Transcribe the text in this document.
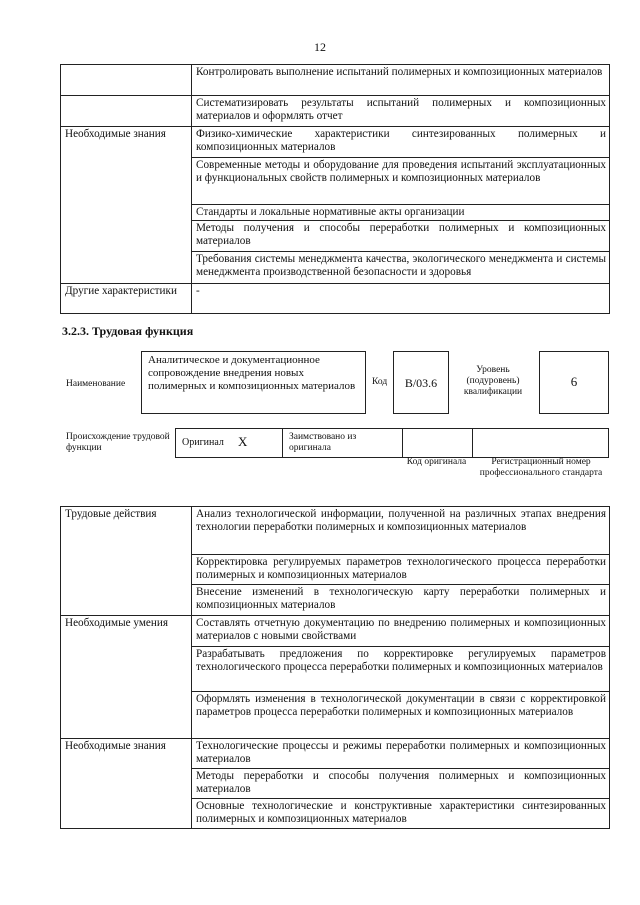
12
	Контролировать выполнение испытаний полимерных и композиционных материалов
	Систематизировать результаты испытаний полимерных и композиционных материалов и оформлять отчет
Необходимые знания	Физико-химические характеристики синтезированных полимерных и композиционных материалов
	Современные методы и оборудование для проведения испытаний эксплуатационных и функциональных свойств полимерных и композиционных материалов
	Стандарты и локальные нормативные акты организации
	Методы получения и способы переработки полимерных и композиционных материалов
	Требования системы менеджмента качества, экологического менеджмента и системы менеджмента производственной безопасности и здоровья
Другие характеристики	-
3.2.3. Трудовая функция
Наименование
Аналитическое и документационное сопровождение внедрения новых полимерных и композиционных материалов	Код	B/03.6
Уровень (подуровень) квалификации
6
Происхождение трудовой функции	Оригинал X	Заимствовано из оригинала
Код оригинала	Регистрационный номер профессионального стандарта
Трудовые действия	Анализ технологической информации, полученной на различных этапах внедрения технологии переработки полимерных и композиционных материалов
	Корректировка регулируемых параметров технологического процесса переработки полимерных и композиционных материалов
	Внесение изменений в технологическую карту переработки полимерных и композиционных материалов
Необходимые умения	Составлять отчетную документацию по внедрению полимерных и композиционных материалов с новыми свойствами
	Разрабатывать предложения по корректировке регулируемых параметров технологического процесса переработки полимерных и композиционных материалов
	Оформлять изменения в технологической документации в связи с корректировкой параметров процесса переработки полимерных и композиционных материалов
Необходимые знания	Технологические процессы и режимы переработки полимерных и композиционных материалов
	Методы переработки и способы получения полимерных и композиционных материалов
	Основные технологические и конструктивные характеристики синтезированных полимерных и композиционных материалов
